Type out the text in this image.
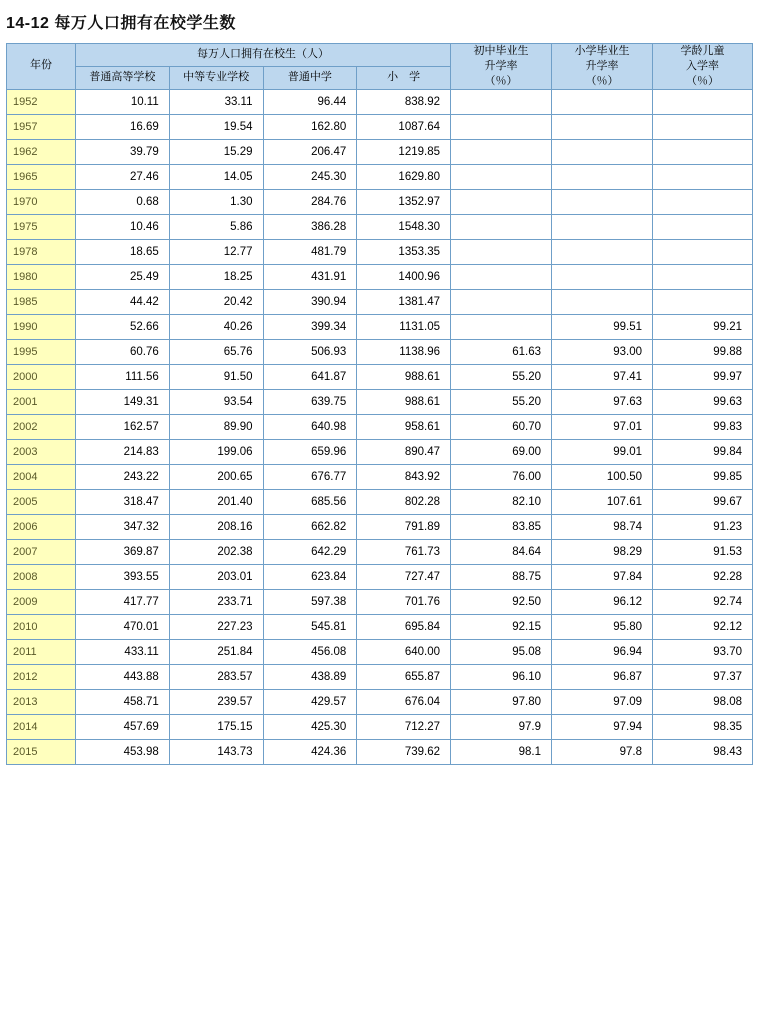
14-12 每万人口拥有在校学生数
年份	每万人口拥有在校生（人）				初中毕业生
升学率
（％）	小学毕业生
升学率
（％）	学龄儿童
入学率
（％）
	普通高等学校	中等专业学校	普通中学	小　学			
1952	10.11	33.11	96.44	838.92			
1957	16.69	19.54	162.80	1087.64			
1962	39.79	15.29	206.47	1219.85			
1965	27.46	14.05	245.30	1629.80			
1970	0.68	1.30	284.76	1352.97			
1975	10.46	5.86	386.28	1548.30			
1978	18.65	12.77	481.79	1353.35			
1980	25.49	18.25	431.91	1400.96			
1985	44.42	20.42	390.94	1381.47			
1990	52.66	40.26	399.34	1131.05		99.51	99.21
1995	60.76	65.76	506.93	1138.96	61.63	93.00	99.88
2000	111.56	91.50	641.87	988.61	55.20	97.41	99.97
2001	149.31	93.54	639.75	988.61	55.20	97.63	99.63
2002	162.57	89.90	640.98	958.61	60.70	97.01	99.83
2003	214.83	199.06	659.96	890.47	69.00	99.01	99.84
2004	243.22	200.65	676.77	843.92	76.00	100.50	99.85
2005	318.47	201.40	685.56	802.28	82.10	107.61	99.67
2006	347.32	208.16	662.82	791.89	83.85	98.74	91.23
2007	369.87	202.38	642.29	761.73	84.64	98.29	91.53
2008	393.55	203.01	623.84	727.47	88.75	97.84	92.28
2009	417.77	233.71	597.38	701.76	92.50	96.12	92.74
2010	470.01	227.23	545.81	695.84	92.15	95.80	92.12
2011	433.11	251.84	456.08	640.00	95.08	96.94	93.70
2012	443.88	283.57	438.89	655.87	96.10	96.87	97.37
2013	458.71	239.57	429.57	676.04	97.80	97.09	98.08
2014	457.69	175.15	425.30	712.27	97.9	97.94	98.35
2015	453.98	143.73	424.36	739.62	98.1	97.8	98.43
